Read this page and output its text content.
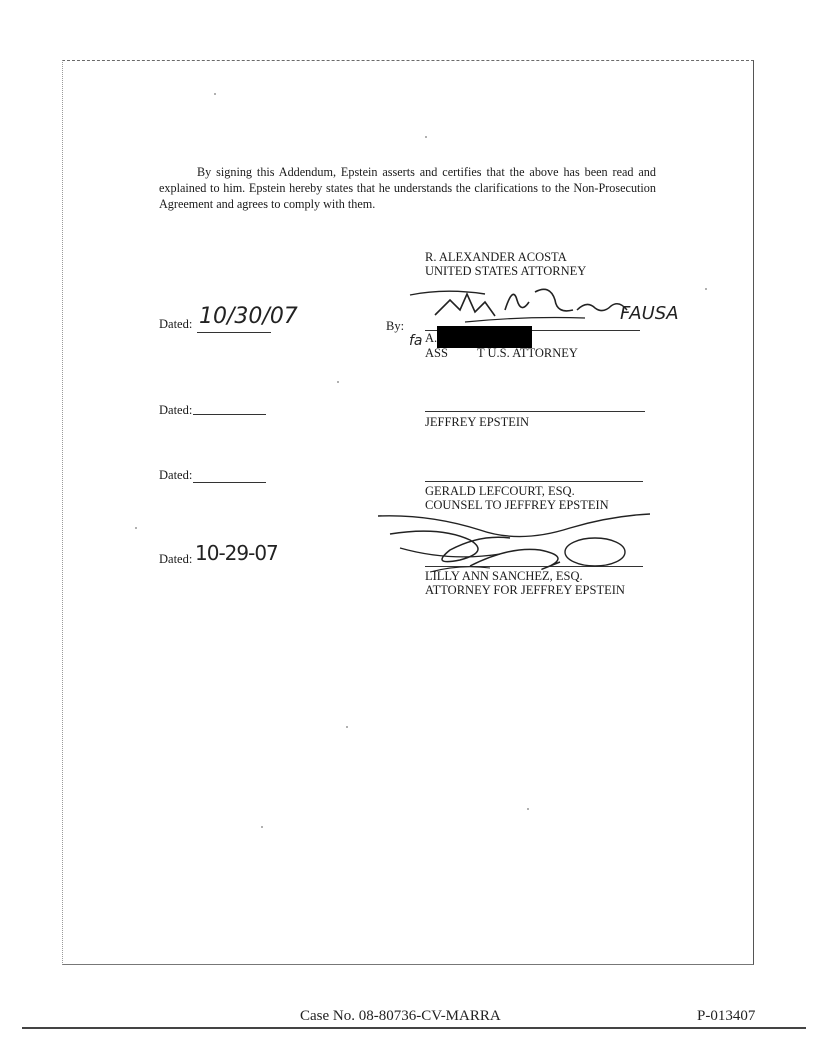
By signing this Addendum, Epstein asserts and certifies that the above has been read and explained to him. Epstein hereby states that he understands the clarifications to the Non-Prosecution Agreement and agrees to comply with them.

R. ALEXANDER ACOSTA
UNITED STATES ATTORNEY
Dated: 10/30/07	By:
FAUSA
fa A.
ASS T U.S. ATTORNEY
Dated:
JEFFREY EPSTEIN
Dated:
GERALD LEFCOURT, ESQ.
COUNSEL TO JEFFREY EPSTEIN
Dated: 10-29-07
LILLY ANN SANCHEZ, ESQ.
ATTORNEY FOR JEFFREY EPSTEIN
Case No. 08-80736-CV-MARRA	P-013407
